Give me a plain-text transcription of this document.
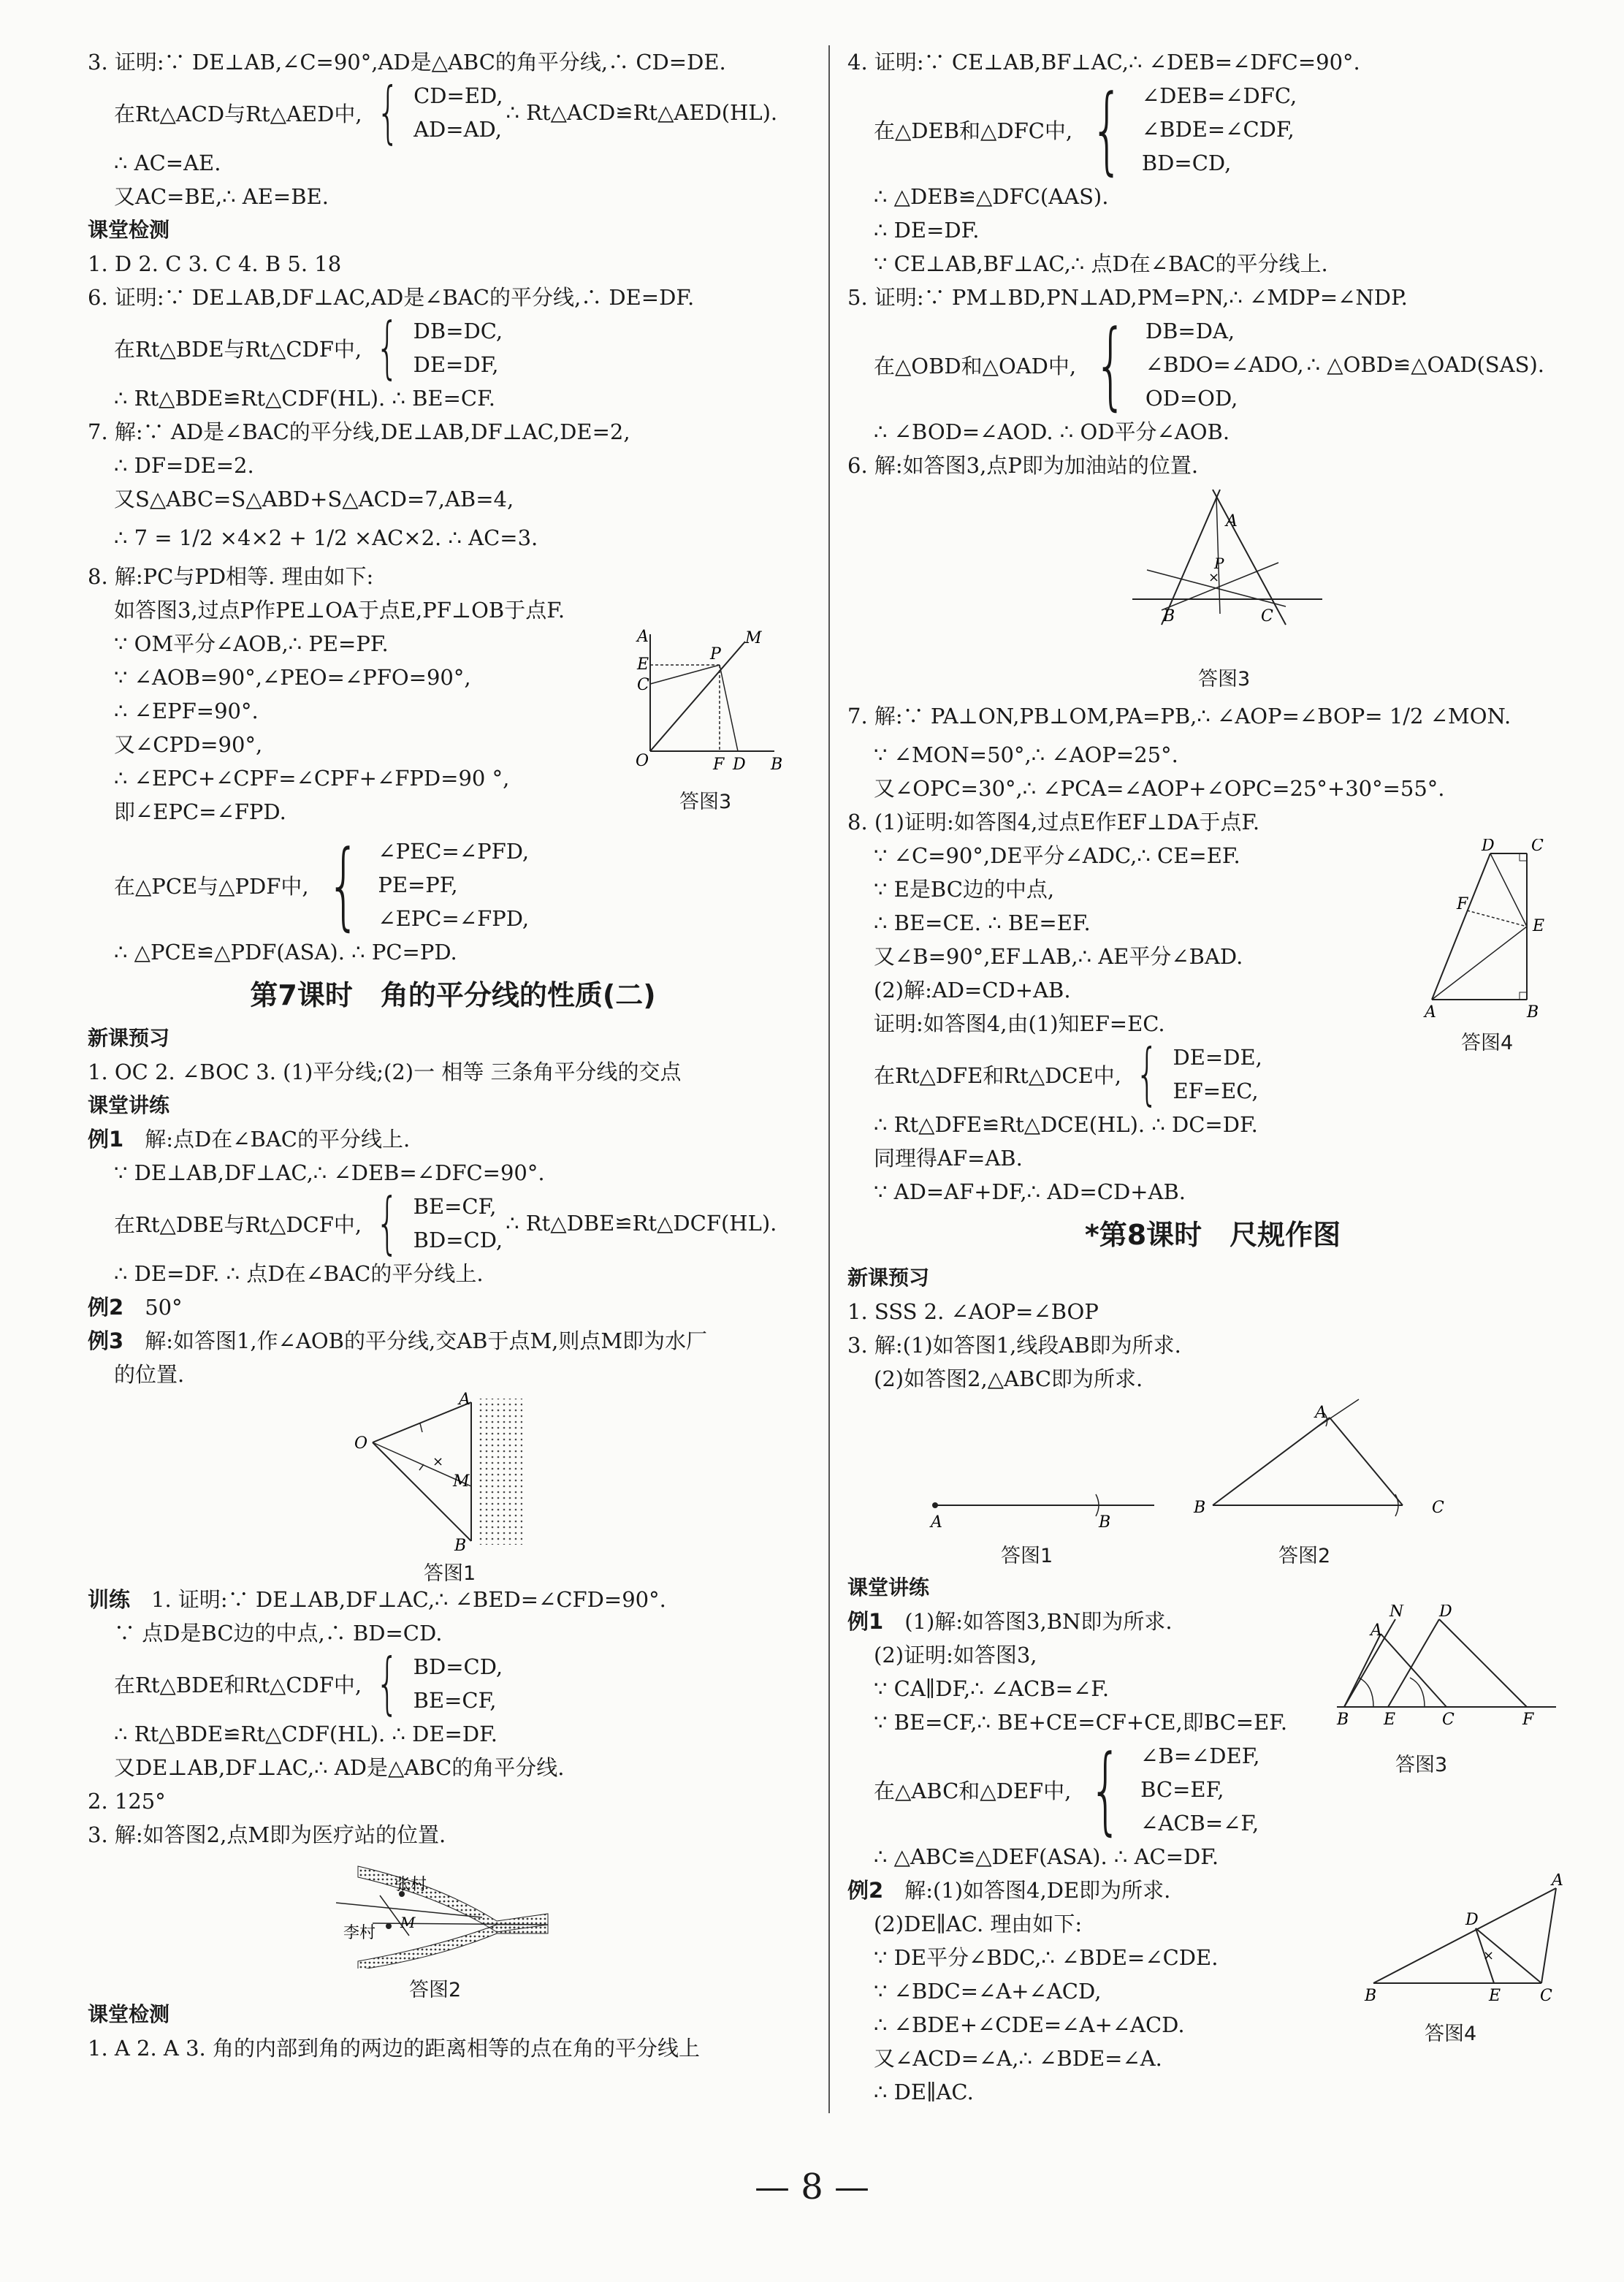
3. 证明:∵ DE⊥AB,∠C=90°,AD是△ABC的角平分线,∴ CD=DE.
在Rt△ACD与Rt△AED中, { CD=ED,
AD=AD,
∴ Rt△ACD≌Rt△AED(HL).
∴ AC=AE.
又AC=BE,∴ AE=BE.
课堂检测
1. D 2. C 3. C 4. B 5. 18
6. 证明:∵ DE⊥AB,DF⊥AC,AD是∠BAC的平分线,∴ DE=DF.
在Rt△BDE与Rt△CDF中, { DB=DC,
DE=DF,
∴ Rt△BDE≌Rt△CDF(HL). ∴ BE=CF.
7. 解:∵ AD是∠BAC的平分线,DE⊥AB,DF⊥AC,DE=2,
∴ DF=DE=2.
又S△ABC=S△ABD+S△ACD=7,AB=4,
∴ 7 = 1/2 ×4×2 + 1/2 ×AC×2. ∴ AC=3.
8. 解:PC与PD相等. 理由如下:
如答图3,过点P作PE⊥OA于点E,PF⊥OB于点F.
∵ OM平分∠AOB,∴ PE=PF.
∵ ∠AOB=90°,∠PEO=∠PFO=90°,
∴ ∠EPF=90°.
又∠CPD=90°,
∴ ∠EPC+∠CPF=∠CPF+∠FPD=90 °,
即∠EPC=∠FPD.
A
E
C
O
P
M
F D B
答图3
在△PCE与△PDF中, { ∠PEC=∠PFD,
PE=PF,
∠EPC=∠FPD,
∴ △PCE≌△PDF(ASA). ∴ PC=PD.
第7课时　角的平分线的性质(二)
新课预习
1. OC 2. ∠BOC 3. (1)平分线;(2)一 相等 三条角平分线的交点
课堂讲练
例1　 解:点D在∠BAC的平分线上.
∵ DE⊥AB,DF⊥AC,∴ ∠DEB=∠DFC=90°.
在Rt△DBE与Rt△DCF中, { BE=CF,
BD=CD,
∴ Rt△DBE≌Rt△DCF(HL).
∴ DE=DF. ∴ 点D在∠BAC的平分线上.
例2　 50°
例3　 解:如答图1,作∠AOB的平分线,交AB于点M,则点M即为水厂
的位置.
×
O
A
M
B
答图1
训练　 1. 证明:∵ DE⊥AB,DF⊥AC,∴ ∠BED=∠CFD=90°.
∵ 点D是BC边的中点,∴ BD=CD.
在Rt△BDE和Rt△CDF中, { BD=CD,
BE=CF,
∴ Rt△BDE≌Rt△CDF(HL). ∴ DE=DF.
又DE⊥AB,DF⊥AC,∴ AD是△ABC的角平分线.
2. 125°
3. 解:如答图2,点M即为医疗站的位置.
M
张村
李村
答图2
课堂检测
1. A 2. A 3. 角的内部到角的两边的距离相等的点在角的平分线上
4. 证明:∵ CE⊥AB,BF⊥AC,∴ ∠DEB=∠DFC=90°.
在△DEB和△DFC中, { ∠DEB=∠DFC,
∠BDE=∠CDF,
BD=CD,
∴ △DEB≌△DFC(AAS).
∴ DE=DF.
∵ CE⊥AB,BF⊥AC,∴ 点D在∠BAC的平分线上.
5. 证明:∵ PM⊥BD,PN⊥AD,PM=PN,∴ ∠MDP=∠NDP.
在△OBD和△OAD中, { DB=DA,
∠BDO=∠ADO,
OD=OD,
∴ △OBD≌△OAD(SAS).
∴ ∠BOD=∠AOD. ∴ OD平分∠AOB.
6. 解:如答图3,点P即为加油站的位置.
×
A
P
B	C
答图3
7. 解:∵ PA⊥ON,PB⊥OM,PA=PB,∴ ∠AOP=∠BOP= 1/2 ∠MON.
∵ ∠MON=50°,∴ ∠AOP=25°.
又∠OPC=30°,∴ ∠PCA=∠AOP+∠OPC=25°+30°=55°.
8. (1)证明:如答图4,过点E作EF⊥DA于点F.
∵ ∠C=90°,DE平分∠ADC,∴ CE=EF.
∵ E是BC边的中点,
∴ BE=CE. ∴ BE=EF.
又∠B=90°,EF⊥AB,∴ AE平分∠BAD.
(2)解:AD=CD+AB.
证明:如答图4,由(1)知EF=EC.
D C
F
E
A	B
答图4
在Rt△DFE和Rt△DCE中, { DE=DE,
EF=EC,
∴ Rt△DFE≌Rt△DCE(HL). ∴ DC=DF.
同理得AF=AB.
∵ AD=AF+DF,∴ AD=CD+AB.
*第8课时　尺规作图
新课预习
1. SSS 2. ∠AOP=∠BOP
3. 解:(1)如答图1,线段AB即为所求.
(2)如答图2,△ABC即为所求.
A	B
答图1
A
B	C
答图2
课堂讲练
例1　 (1)解:如答图3,BN即为所求.
(2)证明:如答图3,
∵ CA∥DF,∴ ∠ACB=∠F.
∵ BE=CF,∴ BE+CE=CF+CE,即BC=EF.
N
A
D
B E	C	F
答图3
在△ABC和△DEF中, { ∠B=∠DEF,
BC=EF,
∠ACB=∠F,
∴ △ABC≌△DEF(ASA). ∴ AC=DF.
例2　 解:(1)如答图4,DE即为所求.
(2)DE∥AC. 理由如下:
∵ DE平分∠BDC,∴ ∠BDE=∠CDE.
∵ ∠BDC=∠A+∠ACD,
∴ ∠BDE+∠CDE=∠A+∠ACD.
又∠ACD=∠A,∴ ∠BDE=∠A.
∴ DE∥AC.
×
A
D
B	E C
答图4
— 8 —
